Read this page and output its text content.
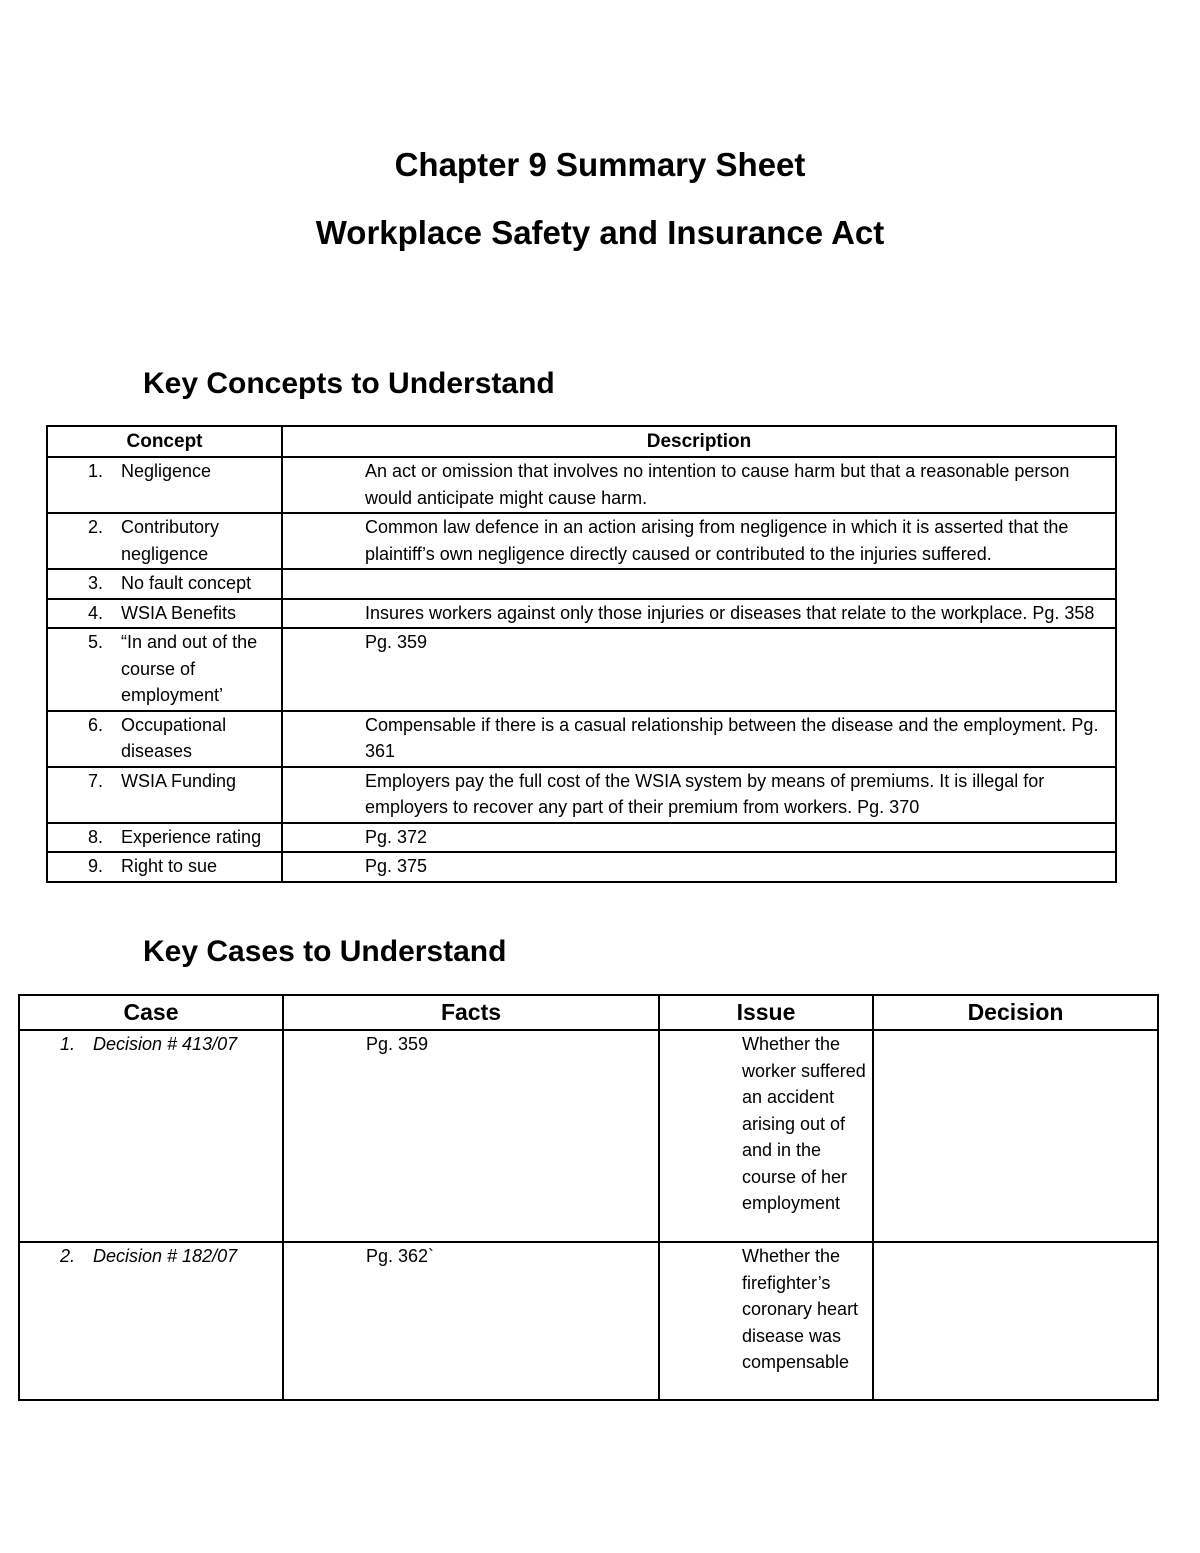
Chapter 9 Summary Sheet
Workplace Safety and Insurance Act
Key Concepts to Understand
Concept	Description

1. Negligence	An act or omission that involves no intention to cause harm but that a reasonable person would anticipate might cause harm.

2. Contributory negligence	Common law defence in an action arising from negligence in which it is asserted that the plaintiff’s own negligence directly caused or contributed to the injuries suffered.

3. No fault concept	

4. WSIA Benefits	Insures workers against only those injuries or diseases that relate to the workplace. Pg. 358

5. “In and out of the course of employment’	Pg. 359

6. Occupational diseases	Compensable if there is a casual relationship between the disease and the employment. Pg. 361

7. WSIA Funding	Employers pay the full cost of the WSIA system by means of premiums. It is illegal for employers to recover any part of their premium from workers. Pg. 370

8. Experience rating	Pg. 372

9. Right to sue	Pg. 375
Key Cases to Understand
Case	Facts	Issue	Decision

1. Decision # 413/07	Pg. 359	Whether the worker suffered an accident arising out of and in the course of her employment	

2. Decision # 182/07	Pg. 362`	Whether the firefighter’s coronary heart disease was compensable	
